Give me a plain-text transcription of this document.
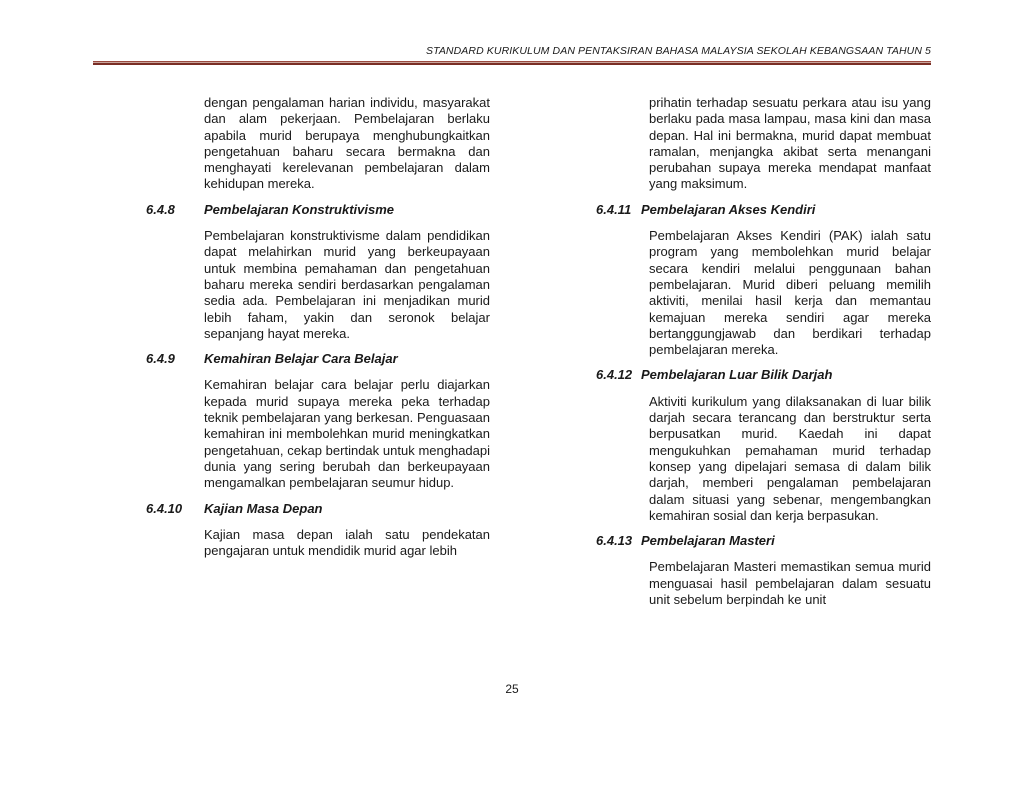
STANDARD KURIKULUM DAN PENTAKSIRAN BAHASA MALAYSIA SEKOLAH KEBANGSAAN TAHUN 5
dengan pengalaman harian individu, masyarakat dan alam pekerjaan. Pembelajaran berlaku apabila murid berupaya menghubungkaitkan pengetahuan baharu secara bermakna dan menghayati kerelevanan pembelajaran dalam kehidupan mereka.
6.4.8	Pembelajaran Konstruktivisme
Pembelajaran konstruktivisme dalam pendidikan dapat melahirkan murid yang berkeupayaan untuk membina pemahaman dan pengetahuan baharu mereka sendiri berdasarkan pengalaman sedia ada. Pembelajaran ini menjadikan murid lebih faham, yakin dan seronok belajar sepanjang hayat mereka.
6.4.9	Kemahiran Belajar Cara Belajar
Kemahiran belajar cara belajar perlu diajarkan kepada murid supaya mereka peka terhadap teknik pembelajaran yang berkesan. Penguasaan kemahiran ini membolehkan murid meningkatkan pengetahuan, cekap bertindak untuk menghadapi dunia yang sering berubah dan berkeupayaan mengamalkan pembelajaran seumur hidup.
6.4.10	Kajian Masa Depan
Kajian masa depan ialah satu pendekatan pengajaran untuk mendidik murid agar lebih
prihatin terhadap sesuatu perkara atau isu yang berlaku pada masa lampau, masa kini dan masa depan. Hal ini bermakna, murid dapat membuat ramalan, menjangka akibat serta menangani perubahan supaya mereka mendapat manfaat yang maksimum.
6.4.11 Pembelajaran Akses Kendiri
Pembelajaran Akses Kendiri (PAK) ialah satu program yang membolehkan murid belajar secara kendiri melalui penggunaan bahan pembelajaran. Murid diberi peluang memilih aktiviti, menilai hasil kerja dan memantau kemajuan mereka sendiri agar mereka bertanggungjawab dan berdikari terhadap pembelajaran mereka.
6.4.12 Pembelajaran Luar Bilik Darjah
Aktiviti kurikulum yang dilaksanakan di luar bilik darjah secara terancang dan berstruktur serta berpusatkan murid. Kaedah ini dapat mengukuhkan pemahaman murid terhadap konsep yang dipelajari semasa di dalam bilik darjah, memberi pengalaman pembelajaran dalam situasi yang sebenar, mengembangkan kemahiran sosial dan kerja berpasukan.
6.4.13 Pembelajaran Masteri
Pembelajaran Masteri memastikan semua murid menguasai hasil pembelajaran dalam sesuatu unit sebelum berpindah ke unit
25
